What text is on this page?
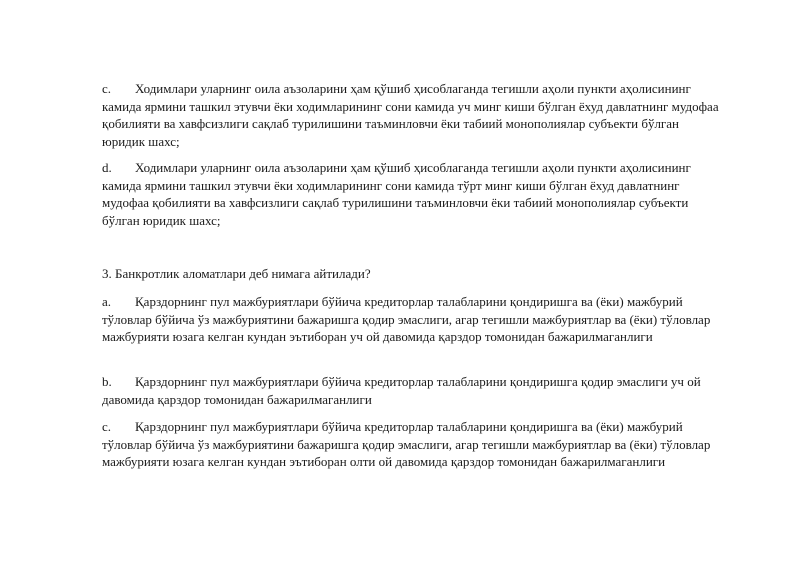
c. Ходимлари уларнинг оила аъзоларини ҳам қўшиб ҳисоблаганда тегишли аҳоли пункти аҳолисининг камида ярмини ташкил этувчи ёки ходимларининг сони камида уч минг киши бўлган ёхуд давлатнинг мудофаа қобилияти ва хавфсизлиги сақлаб турилишини таъминловчи ёки табиий монополиялар субъекти бўлган юридик шахс;

d. Ходимлари уларнинг оила аъзоларини ҳам қўшиб ҳисоблаганда тегишли аҳоли пункти аҳолисининг камида ярмини ташкил этувчи ёки ходимларининг сони камида тўрт минг киши бўлган ёхуд давлатнинг мудофаа қобилияти ва хавфсизлиги сақлаб турилишини таъминловчи ёки табиий монополиялар субъекти бўлган юридик шахс;

3. Банкротлик аломатлари деб нимага айтилади?

a. Қарздорнинг пул мажбуриятлари бўйича кредиторлар талабларини қондиришга ва (ёки) мажбурий тўловлар бўйича ўз мажбуриятини бажаришга қодир эмаслиги, агар тегишли мажбуриятлар ва (ёки) тўловлар мажбурияти юзага келган кундан эътиборан уч ой давомида қарздор томонидан бажарилмаганлиги

b. Қарздорнинг пул мажбуриятлари бўйича кредиторлар талабларини қондиришга қодир эмаслиги уч ой давомида қарздор томонидан бажарилмаганлиги

c. Қарздорнинг пул мажбуриятлари бўйича кредиторлар талабларини қондиришга ва (ёки) мажбурий тўловлар бўйича ўз мажбуриятини бажаришга қодир эмаслиги, агар тегишли мажбуриятлар ва (ёки) тўловлар мажбурияти юзага келган кундан эътиборан олти ой давомида қарздор томонидан бажарилмаганлиги
